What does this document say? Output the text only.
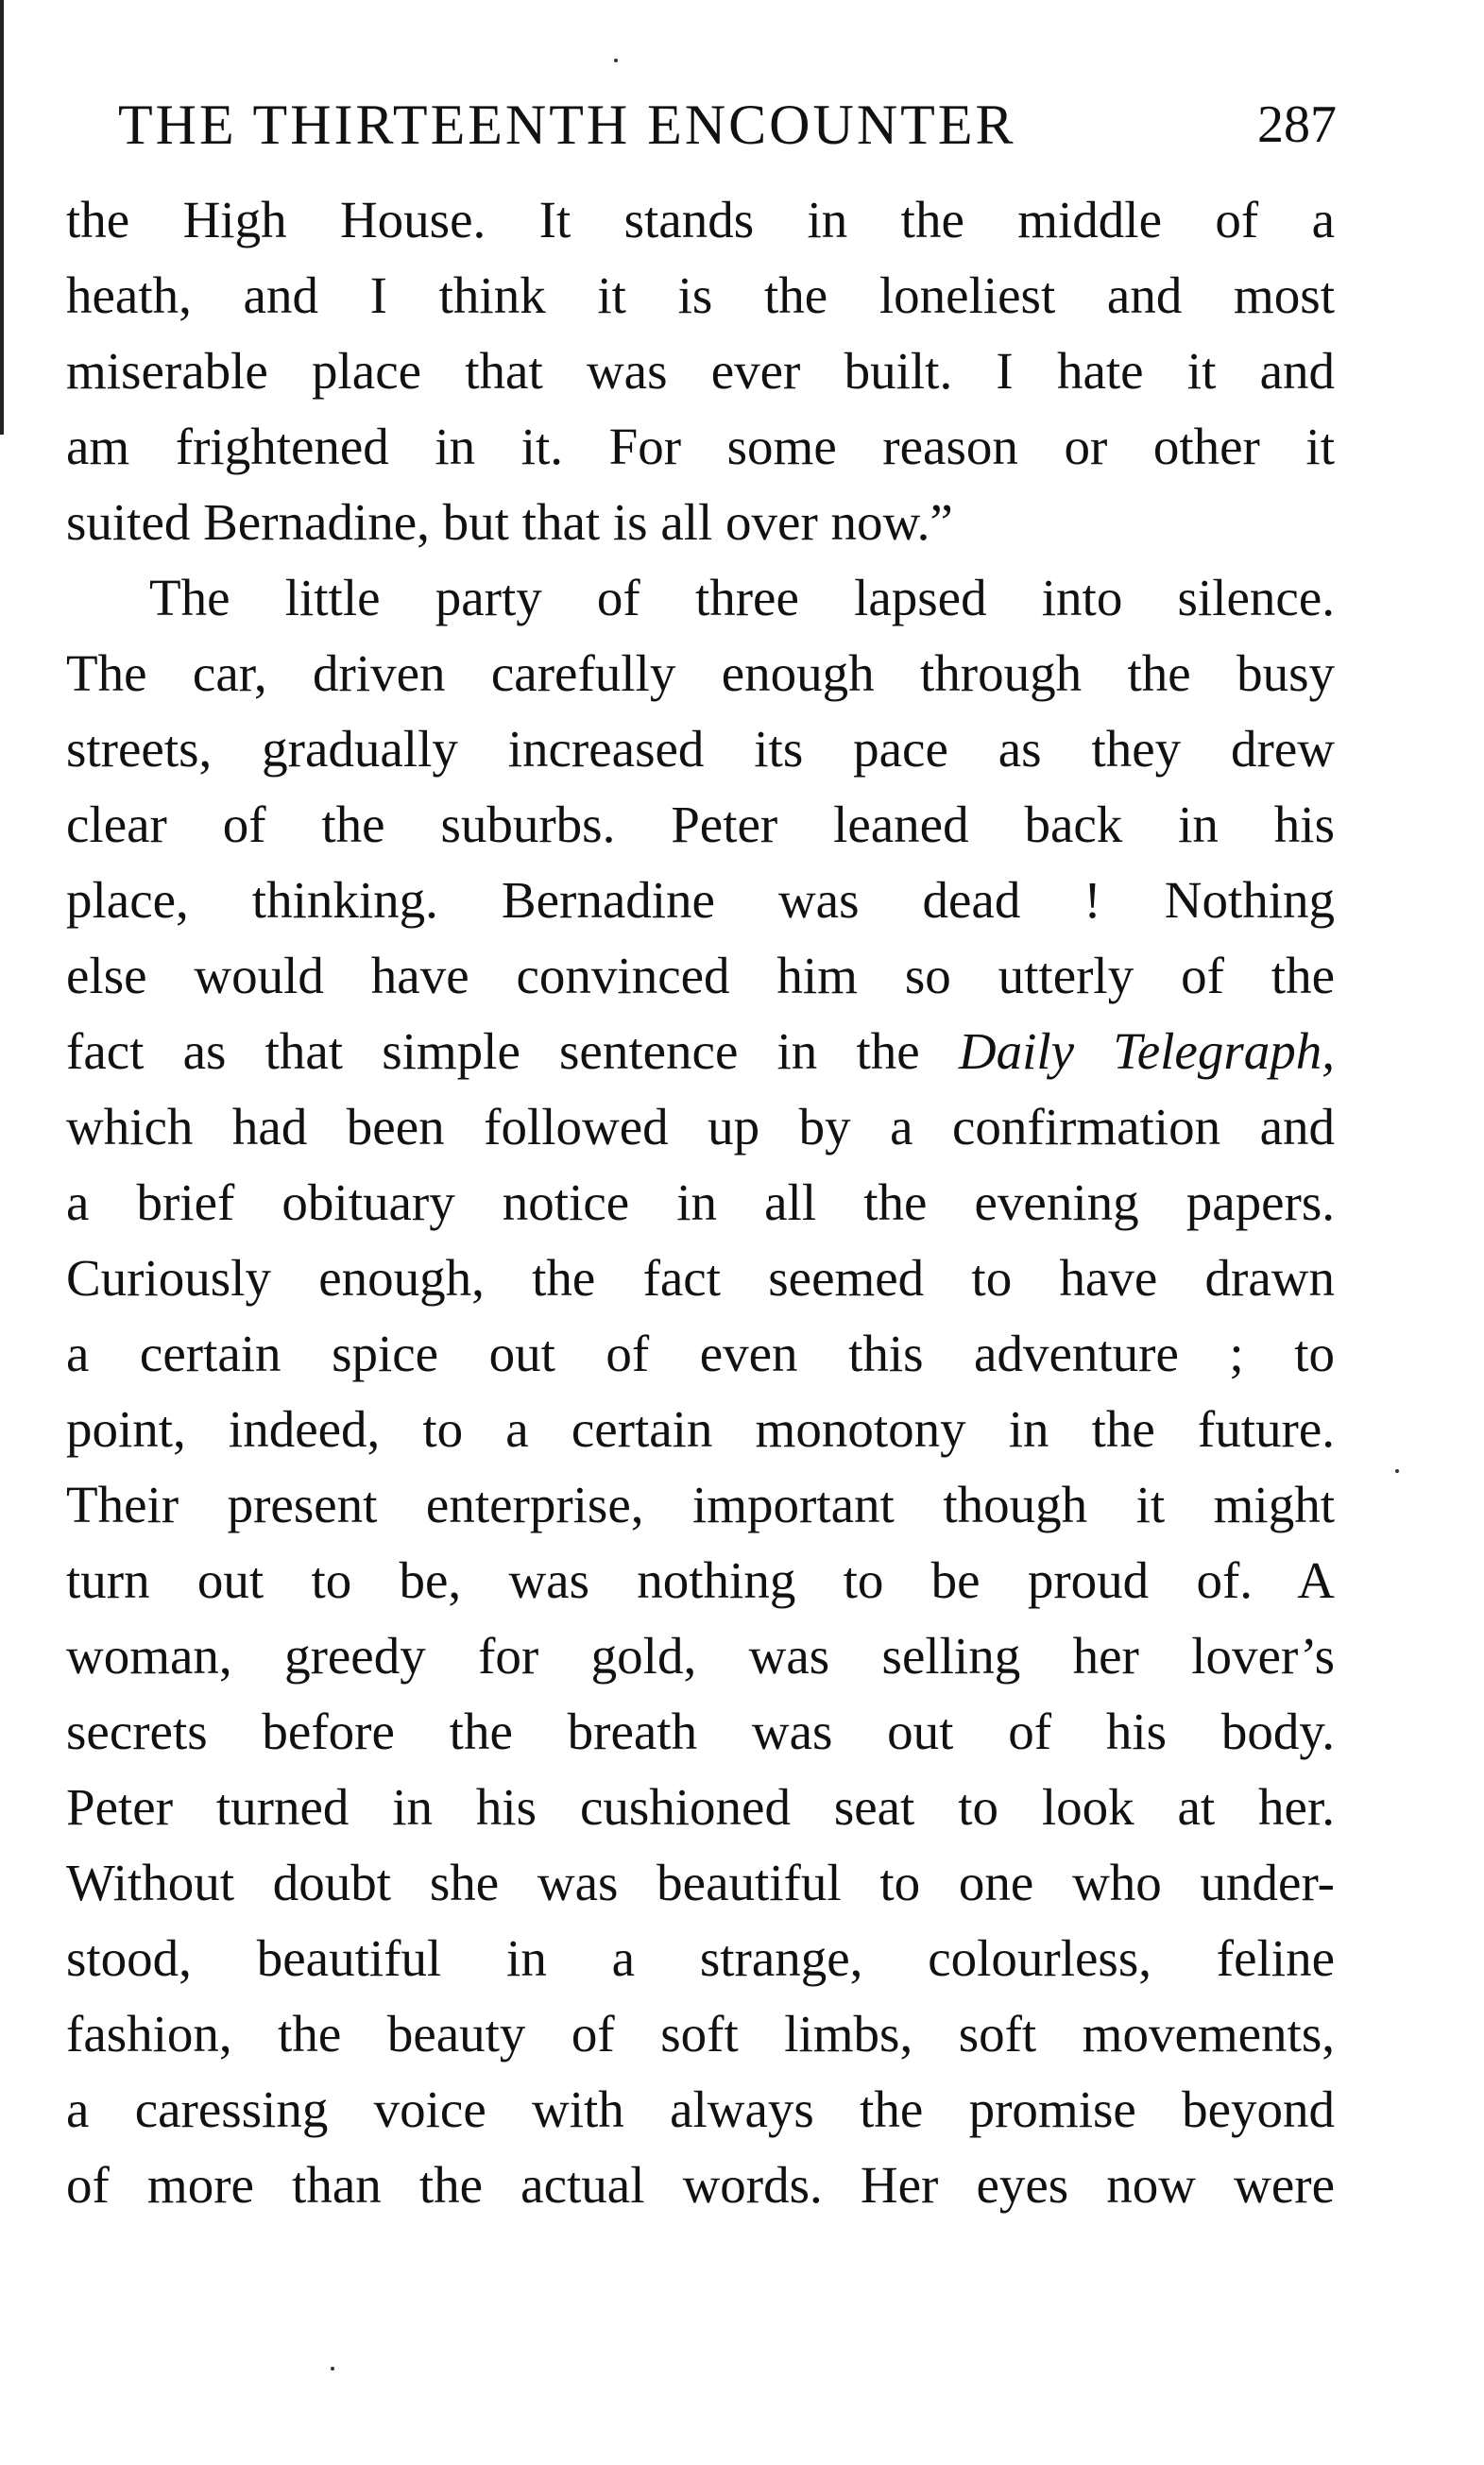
THE THIRTEENTH ENCOUNTER	287
the High House. It stands in the middle of a
heath, and I think it is the loneliest and most
miserable place that was ever built. I hate it and
am frightened in it. For some reason or other it
suited Bernadine, but that is all over now.”
The little party of three lapsed into silence.
The car, driven carefully enough through the busy
streets, gradually increased its pace as they drew
clear of the suburbs. Peter leaned back in his
place, thinking. Bernadine was dead ! Nothing
else would have convinced him so utterly of the
fact as that simple sentence in the Daily Telegraph,
which had been followed up by a confirmation and
a brief obituary notice in all the evening papers.
Curiously enough, the fact seemed to have drawn
a certain spice out of even this adventure ; to
point, indeed, to a certain monotony in the future.
Their present enterprise, important though it might
turn out to be, was nothing to be proud of. A
woman, greedy for gold, was selling her lover’s
secrets before the breath was out of his body.
Peter turned in his cushioned seat to look at her.
Without doubt she was beautiful to one who under-
stood, beautiful in a strange, colourless, feline
fashion, the beauty of soft limbs, soft movements,
a caressing voice with always the promise beyond
of more than the actual words. Her eyes now were
